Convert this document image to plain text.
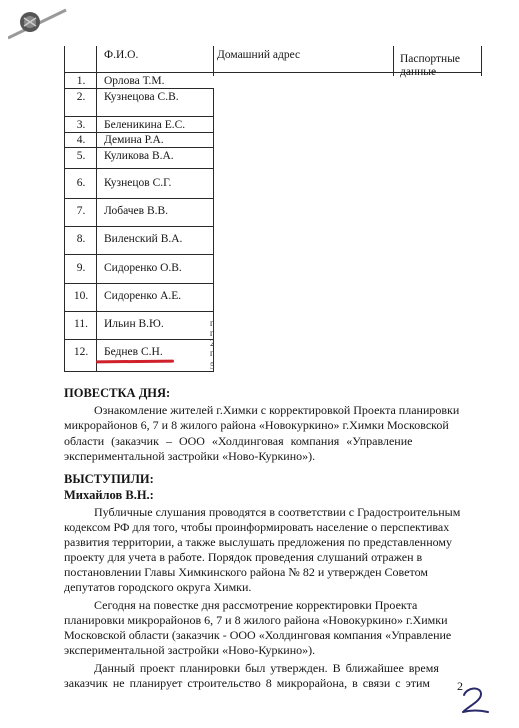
Ф.И.О.	Домашний адрес	Паспортные данные
1.
2.
3.
4.
5.
6.
7.
8.
9.
10.
11.
12.
Орлова Т.М.
Кузнецова С.В.
Беленикина Е.С.
Демина Р.А.
Куликова В.А.
Кузнецов С.Г.
Лобачев В.В.
Виленский В.А.
Сидоренко О.В.
Сидоренко А.Е.
Ильин В.Ю.
Беднев С.Н.
г
г
2
г
5
ПОВЕСТКА ДНЯ:
Ознакомление жителей г.Химки с корректировкой Проекта планировки
микрорайонов 6, 7 и 8 жилого района «Новокуркино» г.Химки Московской
области (заказчик – ООО «Холдинговая компания «Управление
экспериментальной застройки «Ново-Куркино»).
ВЫСТУПИЛИ:
Михайлов В.Н.:
Публичные слушания проводятся в соответствии с Градостроительным
кодексом РФ для того, чтобы проинформировать население о перспективах
развития территории, а также выслушать предложения по представленному
проекту для учета в работе. Порядок проведения слушаний отражен в
постановлении Главы Химкинского района № 82 и утвержден Советом
депутатов городского округа Химки.
Сегодня на повестке дня рассмотрение корректировки Проекта
планировки микрорайонов 6, 7 и 8 жилого района «Новокуркино» г.Химки
Московской области (заказчик - ООО «Холдинговая компания «Управление
экспериментальной застройки «Ново-Куркино»).
Данный проект планировки был утвержден. В ближайшее время
заказчик не планирует строительство 8 микрорайона, в связи с этим 2
